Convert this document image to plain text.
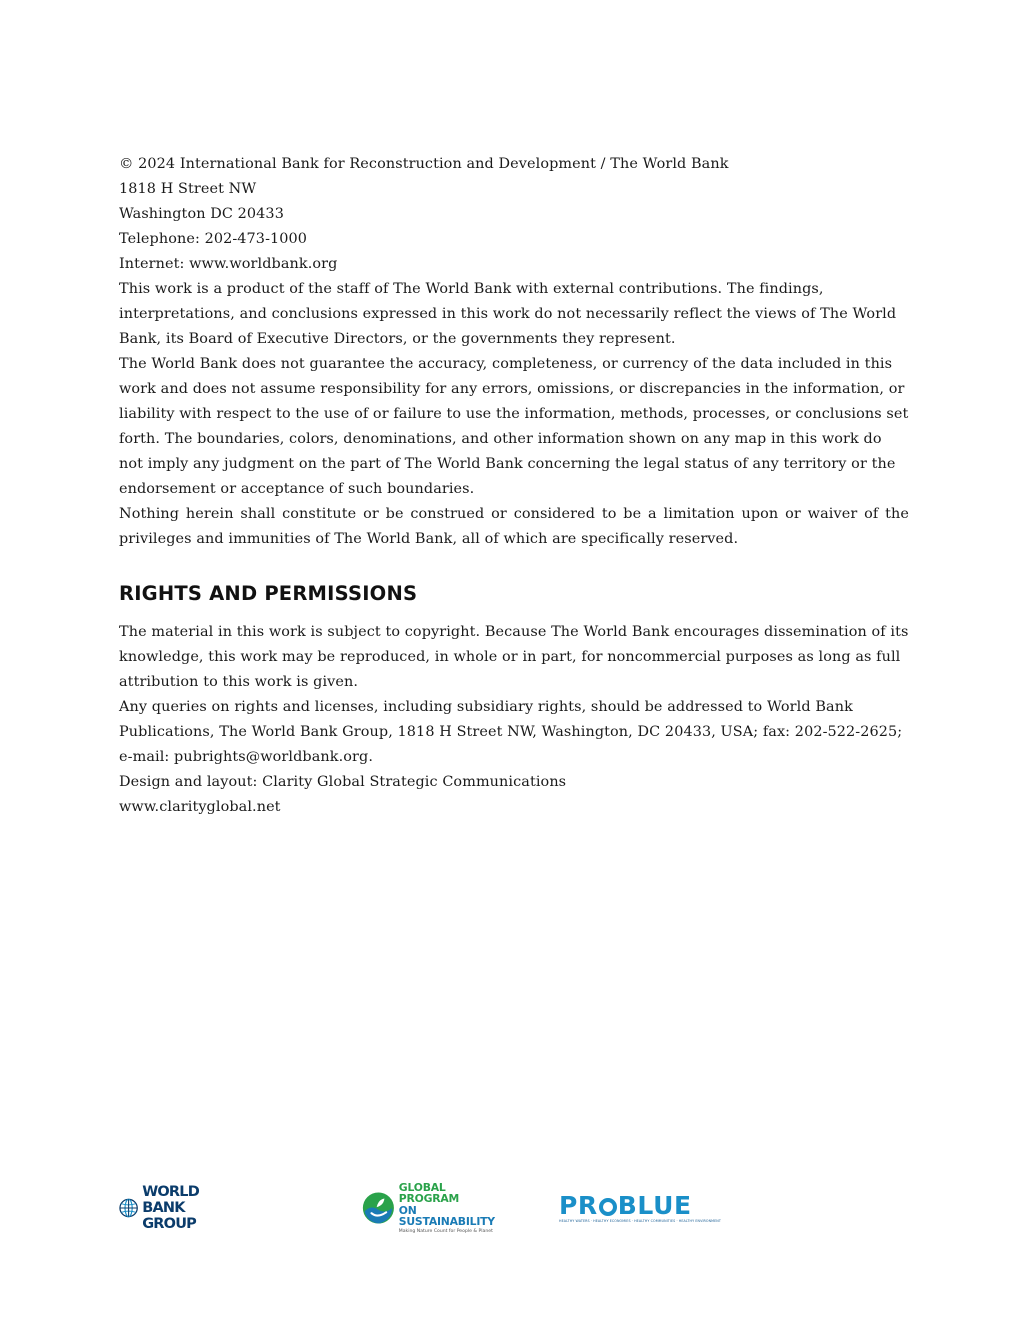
© 2024 International Bank for Reconstruction and Development / The World Bank
1818 H Street NW
Washington DC 20433
Telephone: 202-473-1000
Internet: www.worldbank.org

This work is a product of the staff of The World Bank with external contributions. The findings, interpretations, and conclusions expressed in this work do not necessarily reflect the views of The World Bank, its Board of Executive Directors, or the governments they represent.

The World Bank does not guarantee the accuracy, completeness, or currency of the data included in this work and does not assume responsibility for any errors, omissions, or discrepancies in the information, or liability with respect to the use of or failure to use the information, methods, processes, or conclusions set forth. The boundaries, colors, denominations, and other information shown on any map in this work do not imply any judgment on the part of The World Bank concerning the legal status of any territory or the endorsement or acceptance of such boundaries.

Nothing herein shall constitute or be construed or considered to be a limitation upon or waiver of the privileges and immunities of The World Bank, all of which are specifically reserved.

RIGHTS AND PERMISSIONS

The material in this work is subject to copyright. Because The World Bank encourages dissemination of its knowledge, this work may be reproduced, in whole or in part, for noncommercial purposes as long as full attribution to this work is given.

Any queries on rights and licenses, including subsidiary rights, should be addressed to World Bank
Publications, The World Bank Group, 1818 H Street NW, Washington, DC 20433, USA; fax: 202-522-2625;
e-mail: pubrights@worldbank.org.

Design and layout: Clarity Global Strategic Communications
www.clarityglobal.net

WORLD BANK GROUP
GLOBAL PROGRAM
ON SUSTAINABILITY
Making Nature Count for People & Planet
PR BLUE
HEALTHY WATERS · HEALTHY ECONOMIES · HEALTHY COMMUNITIES · HEALTHY ENVIRONMENT
